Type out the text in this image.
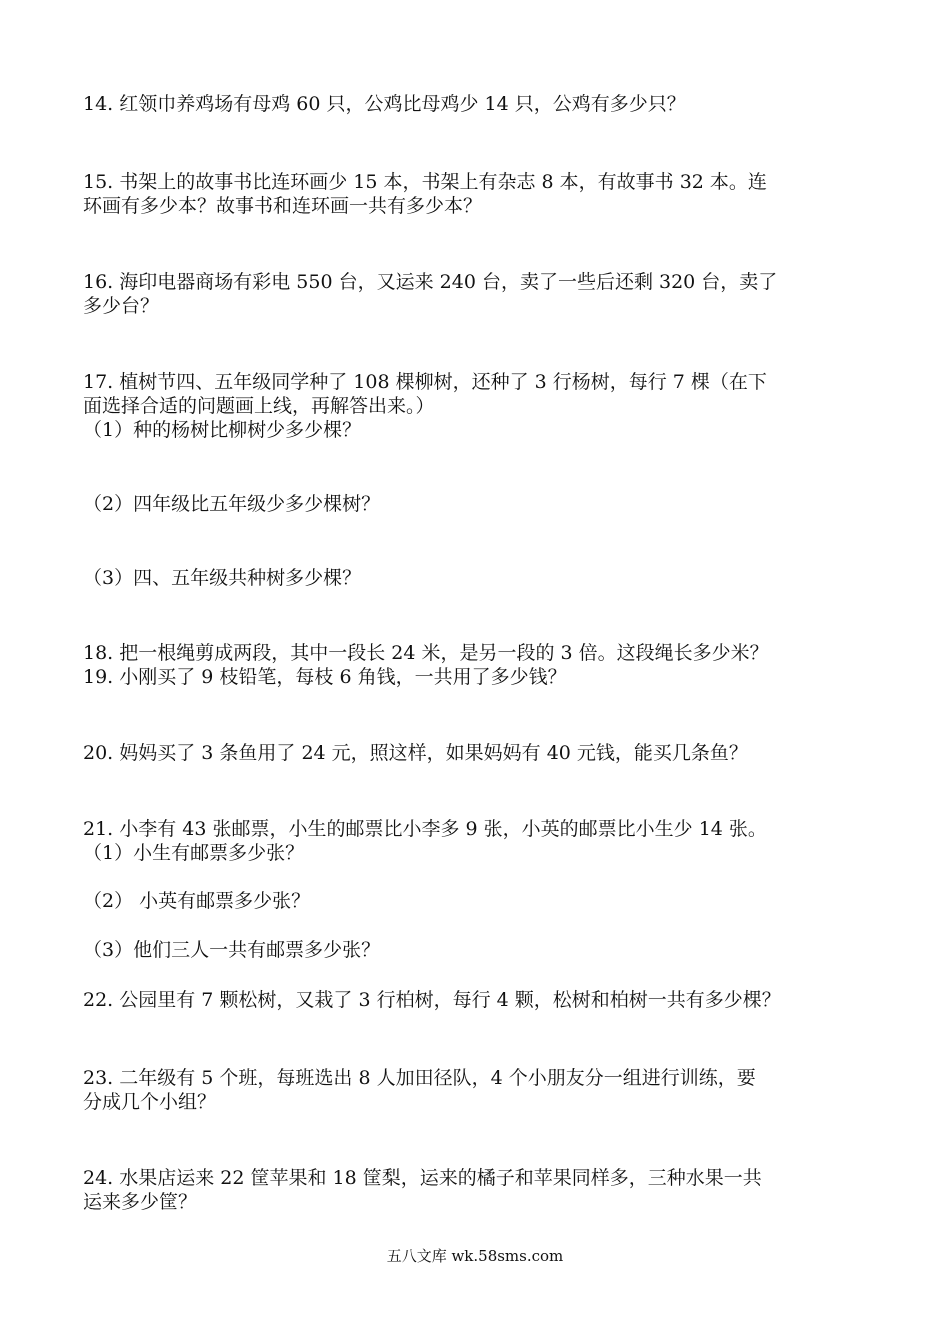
14. 红领巾养鸡场有母鸡 60 只，公鸡比母鸡少 14 只，公鸡有多少只？
15. 书架上的故事书比连环画少 15 本，书架上有杂志 8 本，有故事书 32 本。连
环画有多少本？故事书和连环画一共有多少本？
16. 海印电器商场有彩电 550 台，又运来 240 台，卖了一些后还剩 320 台，卖了
多少台？
17. 植树节四、五年级同学种了 108 棵柳树，还种了 3 行杨树，每行 7 棵（在下
面选择合适的问题画上线，再解答出来。）
（1）种的杨树比柳树少多少棵？
（2）四年级比五年级少多少棵树？
（3）四、五年级共种树多少棵？
18. 把一根绳剪成两段，其中一段长 24 米，是另一段的 3 倍。这段绳长多少米？
19. 小刚买了 9 枝铅笔，每枝 6 角钱，一共用了多少钱？
20. 妈妈买了 3 条鱼用了 24 元，照这样，如果妈妈有 40 元钱，能买几条鱼？
21. 小李有 43 张邮票，小生的邮票比小李多 9 张，小英的邮票比小生少 14 张。
（1）小生有邮票多少张？
（2） 小英有邮票多少张？
（3）他们三人一共有邮票多少张？
22. 公园里有 7 颗松树，又栽了 3 行柏树，每行 4 颗，松树和柏树一共有多少棵？
23. 二年级有 5 个班，每班选出 8 人加田径队，4 个小朋友分一组进行训练，要
分成几个小组？
24. 水果店运来 22 筐苹果和 18 筐梨，运来的橘子和苹果同样多，三种水果一共
运来多少筐？
五八文库 wk.58sms.com
